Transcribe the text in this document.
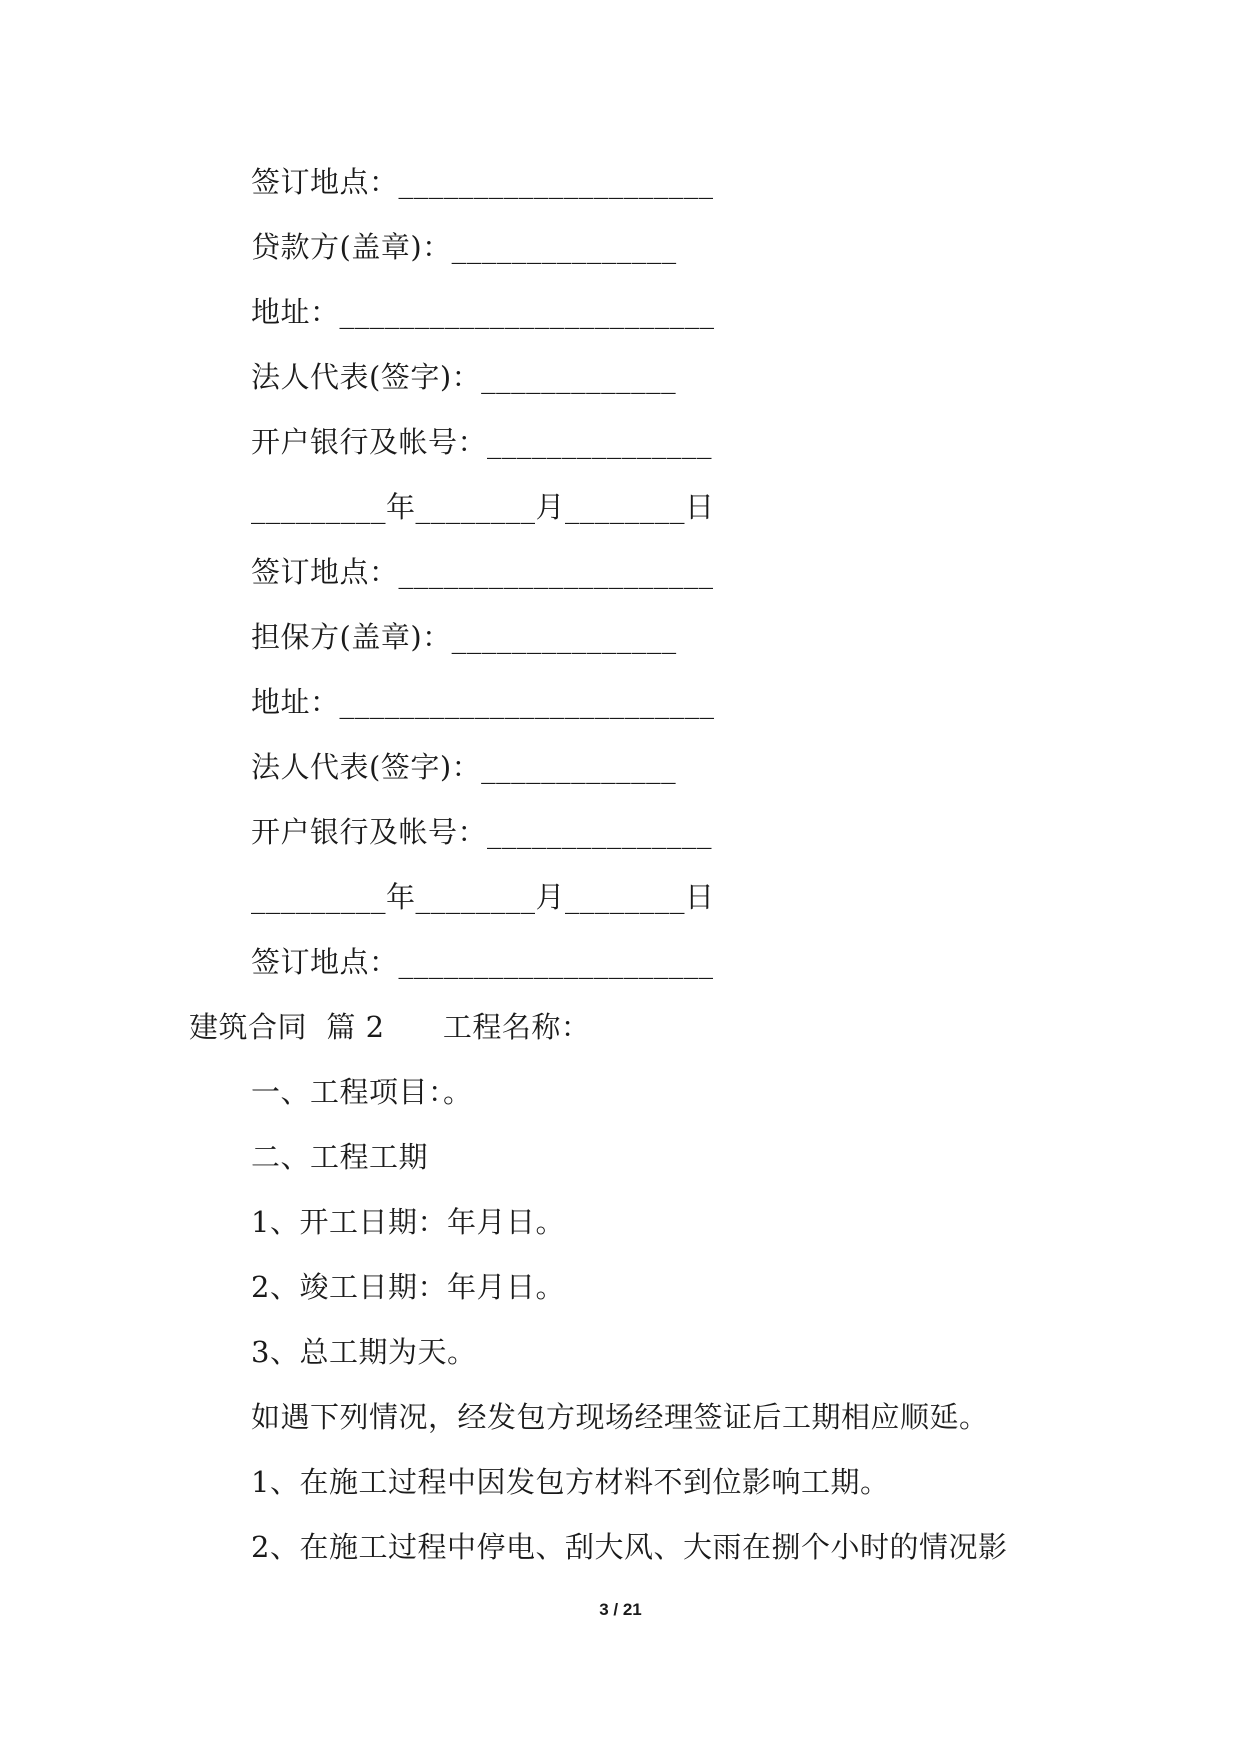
签订地点：_____________________
贷款方(盖章)：_______________
地址：_________________________
法人代表(签字)：_____________
开户银行及帐号：_______________
_________年________月________日
签订地点：_____________________
担保方(盖章)：_______________
地址：_________________________
法人代表(签字)：_____________
开户银行及帐号：_______________
_________年________月________日
签订地点：_____________________
建筑合同  篇 2      工程名称：
一、工程项目：。
二、工程工期
1、开工日期：年月日。
2、竣工日期：年月日。
3、总工期为天。
如遇下列情况，经发包方现场经理签证后工期相应顺延。
1、在施工过程中因发包方材料不到位影响工期。
2、在施工过程中停电、刮大风、大雨在捌个小时的情况影
3 / 21
